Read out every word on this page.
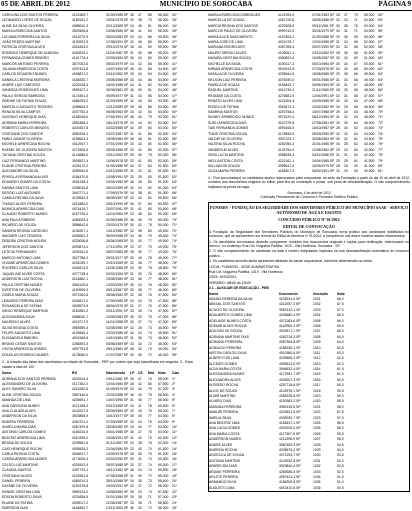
05 DE ABRIL DE 2012	MUNICÍPIO DE SOROCABA	PÁGINA 9
CAROLINA DOS SANTOS PEREIRA	4121565-7	31/05/1985 SP 36	47	85	56,000	32º
LEONARDO LOPES DE SOUZA	4189181-2	19/01/1978 SP 30	38	75	56,000	33º
ALINE DA SILVA OLIVEIRA	4085611-3	02/12/1989 SP 34	45	81	56,000	34º
MARIA APARECIDA SANTOS	3929456-8	24/06/1980 SP 36	41	84	56,000	35º
LUCIANA FERREIRA DA SILVA	4211073-9	05/03/1983 SP 33	44	86	55,500	36º
JOÃO PEDRO MARTINS	4130922-5	17/08/1991 SP 32	46	85	55,500	37º
PATRICIA CRISTINA ALVES	4021843-0	29/10/1976 SP 36	40	80	55,500	38º
RODRIGO HENRIQUE DE ALMEIDA	4263519-1	11/04/1987 SP 31	45	88	55,000	39º
FERNANDA GOMES RIBEIRO	4101776-4	22/09/1984 SP 36	43	80	55,000	40º
MARCOS ANTONIO PEREIRA	3877002-6	08/02/1979 SP 34	42	85	55,000	41º
JULIANA APARECIDA COSTA	4297413-8	14/07/1990 SP 35	40	86	54,500	42º
CARLOS EDUARDO NUNES	4008871-2	03/11/1982 SP 33	43	84	54,500	43º
DANIELA CRISTINA MOREIRA	4156330-7	25/05/1986 SP 30	44	86	54,500	44º
ANDRE LUIZ CARDOSO	4222918-3	16/01/1988 SP 34	41	82	54,000	45º
VANESSA RODRIGUES LIMA	3999107-1	30/06/1981 SP 36	39	81	54,000	46º
PAULO SERGIO BARBOSA	4174451-5	09/09/1977 SP 31	43	85	54,000	47º
SIMONE DE FATIMA SOUZA	4066293-0	21/03/1985 SP 32	45	80	53,500	48º
MARCELO AUGUSTO TEIXEIRA	4289604-9	12/12/1989 SP 35	38	86	53,500	49º
RENATA SILVA CAMPOS	4037752-4	06/08/1983 SP 33	42	83	53,500	50º
GUSTAVO HENRIQUE DIAS	4118045-6	27/04/1991 SP 36	40	79	53,000	51º
ADRIANA MARIA FERREIRA	3951866-2	18/10/1975 SP 32	44	82	53,000	52º
ROBERTO CARLOS MENDES	4240337-8	02/02/1980 SP 34	39	84	53,000	53º
CRISTIANE DOS SANTOS	4080196-1	23/07/1987 SP 31	41	86	52,500	54º
FABIO JUNIOR OLIVEIRA	4195524-3	15/05/1984 SP 36	38	81	52,500	55º
MICHELE APARECIDA ROCHA	4012947-7	07/01/1990 SP 33	43	80	52,500	56º
RAFAEL DE OLIVEIRA SANTOS	4273306-5	28/09/1986 SP 30	42	85	52,000	57º
TATIANA CRISTINA SOUZA	4143688-0	19/11/1982 SP 35	40	79	52,000	58º
LUIZ FERNANDO MARTINS	3905521-4	10/06/1978 SP 32	41	83	52,000	59º
ELAINE CRISTINA PEREIRA	4228179-2	01/03/1988 SP 34	37	84	51,500	60º
ALEXANDRE DA SILVA	4059944-6	24/12/1985 SP 31	42	81	51,500	61º
PRISCILA FERNANDA ALVES	4184470-9	13/08/1991 SP 33	39	83	51,500	62º
EDUARDO GOMES DA COSTA	4001238-3	04/04/1983 SP 36	36	80	51,000	63º
KARINA SANTOS LIMA	4255015-8	26/02/1989 SP 30	43	82	51,000	64º
SERGIO LUIZ ANTUNES	3942771-1	17/09/1976 SP 34	38	81	51,000	65º
CAMILA REGINA DA SILVA	4109532-5	08/05/1987 SP 32	40	82	50,500	66º
THIAGO ALVES PEREIRA	4211884-0	29/10/1990 SP 35	37	80	50,500	67º
MONICA APARECIDA DIAS	4074419-7	20/07/1981 SP 31	41	80	50,500	68º
CLAUDIO ROBERTO NUNES	4167706-2	11/01/1984 SP 33	38	82	50,000	69º
ANA PAULA RIBEIRO	4280093-4	02/06/1986 SP 36	35	79	50,000	70º
RICARDO DE SOUZA	3988642-6	23/03/1979 SP 30	42	78	50,000	71º
SANDRA REGINA CARDOSO	4136257-1	14/12/1982 SP 32	39	80	49,500	72º
WAGNER LUIS TEIXEIRA	4048391-3	05/09/1988 SP 34	36	79	49,500	73º
DEBORA CRISTINA MOURA	4233006-8	26/04/1985 SP 31	40	77	49,500	74º
JEFERSON DOS SANTOS	4093874-0	17/11/1991 SP 33	37	79	49,000	75º
LETICIA FERNANDES	4205161-5	08/07/1983 SP 35	35	77	49,000	76º
MARCIO ANTONIO LIMA	3927788-2	29/01/1977 SP 30	40	78	49,000	77º
VIVIANE APARECIDA GOMES	4151049-7	20/10/1989 SP 32	38	77	48,500	78º
ROGERIO CARLOS SILVA	4026413-9	11/05/1986 SP 34	35	78	48,500	79º
JAQUELINE ALVES COSTA	4277738-4	02/02/1984 SP 31	39	76	48,500	80º
ANDERSON LUIZ ROCHA	4114682-1	23/08/1980 SP 33	36	77	48,000	81º
PAULA CRISTINA NUNES	4061125-6	14/03/1990 SP 35	34	76	48,000	82º
EVERTON DE OLIVEIRA	4190906-3	05/12/1987 SP 30	38	77	48,000	83º
GISELE MARIA SOUZA	3972260-8	26/06/1982 SP 32	36	76	47,500	84º
LEANDRO PEREIRA DIAS	4244617-0	17/09/1985 SP 34	34	75	47,500	85º
ROSANGELA DE FATIMA	4005573-5	08/04/1978 SP 31	37	76	47,500	86º
DIEGO HENRIQUE MARTINS	4163392-2	29/11/1991 SP 33	35	74	47,000	87º
ALESSANDRA SILVA	4088040-7	20/05/1983 SP 35	33	75	47,000	88º
MAURICIO ALVES	4219717-9	11/01/1988 SP 30	37	74	47,000	89º
SILVIA REGINA COSTA	3959399-4	02/08/1980 SP 32	35	73	46,500	90º
FELIPE AUGUSTO LIMA	4129845-1	23/02/1986 SP 34	33	74	46,500	91º
ELISANGELA RIBEIRO	4042166-6	14/10/1984 SP 31	36	73	46,500	92º
BRUNO CESAR SANTOS	4268391-3	05/06/1989 SP 33	34	72	46,000	93º
CINTIA APARECIDA GOMES	4097753-8	26/12/1981 SP 35	32	73	46,000	94º
DOUGLAS RODRIGO NUNES	4178060-0	17/07/1987 SP 30	36	72	46,000	95º
2 - A relação das listas dos candidatos na cidade de Sorocaba - PRP por ordem que seja classificada em seguida. 3 - Essa cidade a lista de 100
Nome	RG	Nascimento	LP	CE	Mat	Nota	Clas
ADRIANA DOS SANTOS PEREIRA	4032914-4	19/11/1981 SP 30	47	76	68,000	1º
ALESSANDRO DE OLIVEIRA	4117352-0	10/04/1984 SP 35	42	80	67,500	2º
ALEX SANDRO SILVA	4211083-5	01/09/1979 SP 33	44	79	67,000	3º
ALINE CRISTINA SOUZA	3987440-6	22/02/1988 SP 36	40	78	66,500	4º
AMANDA DE LIMA	4205691-7	13/07/1990 SP 31	45	77	66,000	5º
ANA CAROLINA NUNES	4071268-2	04/12/1985 SP 34	41	78	65,500	6º
ANA CLAUDIA ALVES	4142917-3	25/05/1983 SP 32	43	76	65,000	7º
ANDERSON DA SILVA	3923855-9	16/10/1977 SP 35	39	77	64,500	8º
ANDREA FERREIRA	4262701-1	07/03/1989 SP 30	44	75	64,000	9º
ANGELA MARIA DIAS	4057409-8	28/08/1982 SP 33	40	77	63,500	10º
ANTONIO CARLOS GOMES	4186224-5	19/01/1986 SP 36	37	76	63,000	11º
BEATRIZ APARECIDA LIMA	4010395-0	10/06/1991 SP 31	42	75	62,500	12º
BRUNA DE SOUZA	4239581-6	01/11/1987 SP 34	38	76	62,000	13º
CAIO HENRIQUE ROCHA	4095528-2	22/04/1984 SP 32	40	74	61,500	14º
CARLA REGINA COSTA	3946617-7	13/09/1978 SP 35	36	75	61,000	15º
CASSIA APARECIDA NUNES	4173006-4	04/02/1990 SP 30	41	73	60,500	16º
CELSO LUIZ MARTINS	4028192-9	25/07/1985 SP 33	37	74	60,000	17º
CLAUDIA SANTOS	4257733-1	16/12/1982 SP 36	34	74	59,500	18º
CRISTIANO ALVES	4102961-6	07/05/1988 SP 31	39	72	59,000	19º
DANIEL PEREIRA	4065210-3	28/10/1986 SP 34	35	73	58,500	20º
DAYANE DE OLIVEIRA	4190378-8	19/03/1991 SP 32	37	72	58,000	21º
DENISE CRISTINA LIMA	3969124-0	10/08/1980 SP 35	33	73	57,500	22º
EDSON ROBERTO SILVA	4224836-5	01/01/1984 SP 30	38	71	57,000	23º
ELIANE DE FATIMA	4039017-2	22/06/1987 SP 33	35	71	56,500	24º
EMERSON DIAS	4168452-7	13/11/1983 SP 36	32	72	56,000	25º
MARIA APARECIDA DOMINGUES	4141394-0	27/01/1983 SP 28	37	70	55,000	52º
MARCELLA DE SOUZA	4067115-8	18/06/1986 SP 32	33	71	54,500	53º
MARCIA REGINA DOS SANTOS	4229308-5	09/11/1981 SP 30	35	70	54,000	54º
MARCOS PAULO DE OLIVEIRA	3999742-9	30/04/1979 SP 34	31	71	53,500	55º
MARIA ALICE NASCIMENTO	4157606-2	21/09/1988 SP 29	36	69	53,000	56º
MARIA JOSE DE LIMA	4021078-7	12/02/1985 SP 31	34	69	52,500	57º
MARIANA RODRIGUES	4287395-4	03/07/1990 SP 33	32	68	52,000	58º
MAURO SERGIO ALVES	4109061-1	24/12/1982 SP 28	36	68	51,500	59º
MAYARA CRISTINA SOUZA	4050822-6	15/05/1987 SP 32	32	69	51,000	60º
MICHELLE DA SILVA	4190117-3	06/10/1984 SP 30	34	67	50,500	61º
MIRIAM APARECIDA COSTA	3942513-8	27/03/1978 SP 34	30	68	50,000	62º
NATALIA DE OLIVEIRA	4235944-5	18/08/1989 SP 29	35	66	49,500	63º
NELSON LUIZ PEREIRA	4078190-0	09/01/1986 SP 31	33	66	49,000	64º
PAMELA DE SOUZA	4164843-7	30/06/1983 SP 33	31	67	48,500	65º
RAQUEL MARTINS	4014736-2	21/11/1980 SP 28	35	65	48,000	66º
REGIANE DA COSTA	4276581-9	12/04/1991 SP 32	31	66	47,500	67º
RENATO ALVES LIMA	4121904-4	03/09/1985 SP 30	33	64	47,000	68º
ROSELI DE FATIMA	4063472-1	24/02/1982 SP 34	29	65	46,500	69º
SABRINA SANTOS	4203758-6	15/07/1988 SP 29	34	63	46,000	70º
SIDNEY APARECIDO NUNES	3975120-3	06/12/1984 SP 31	32	63	45,500	71º
SUELI APARECIDA DIAS	4247379-8	27/05/1981 SP 33	30	64	45,000	72º
TAIS FERNANDA GOMES	4093106-5	18/10/1987 SP 28	34	62	44,500	73º
THAIS CRISTINA SOUZA	4178849-0	09/03/1990 SP 32	30	63	44,000	74º
VALDIR DE OLIVEIRA	4007223-7	30/08/1983 SP 30	32	61	43,500	75º
VALERIA SILVA ROCHA	4262050-2	21/01/1986 SP 34	28	62	43,000	76º
VANDERLEI ALVES	4132784-9	12/06/1982 SP 29	33	60	42,500	77º
VERA LUCIA MARTINS	4055635-4	03/11/1988 SP 31	31	60	42,000	78º
WELLINGTON COSTA	4221161-1	24/04/1985 SP 33	29	61	41,500	79º
WILLIAN DE SOUZA	3996517-6	15/09/1979 SP 28	33	59	41,000	80º
ZILDA MARIA PEREIRA	4185307-3	06/02/1991 SP 32	29	60	40,500	81º
4 - Fica convocada(o) os candidatos abaixo relacionados para comparecer na sede da Fundação a partir do dia 10 de abril de 2012, munidos dos documentos exigidos no edital, para fins de nomeação e posse, sob pena de desclassificação. O não comparecimento implicará na perda da vaga.
Sorocaba, 4 de abril de 2012
Comissão Permanente de Concurso e Processo Seletivo Público
FUNSERV - FUNDAÇÃO DA SEGURIDADE DOS SERVIDORES PÚBLICO DO MUNICÍPIO SAAE - SERVIÇO AUTÔNOMO DE ÁGUA E ESGOTO
CONCURSO PÚBLICO Nº 01/2012
EDITAL DE CONVOCAÇÃO
A Fundação da Seguridade dos Servidores Públicos do Município de Sorocaba, torna público aos candidatos habilitados no concurso, que se apresentem nos termos do Edital de Abertura nº 01/2012, a comparecer nos dias e horários abaixo relacionados.
1. Os candidatos convocados deverão comparecer munidos dos documentos originais e cópias para verificação, relacionados no Anexo I, no endereço Rua Cel. Nogueira Padilha, 1019 - Vila Hortência, Sorocaba - SP.
2. O não comparecimento do candidato na data e horário estipulados implicará na sua desclassificação automática do concurso público.
3. Os candidatos deverão ainda apresentar atestado de saúde ocupacional, conforme determinado no edital.
LOCAL: FUNSERV - SEDE ADMINISTRATIVA
Rua Cel. Nogueira Padilha, 1019 - Vila Hortência
DATA: 10/04/2012
HORÁRIO: 08h00 às 12h00
2.1 - AUXILIAR DE EDUCAÇÃO - PEB
Nome	Documento	Inscrição	Nota
ABADIA PEREIRA DA SILVA	4102914-0 SP	1001	68,0
ABIGAIL DOS SANTOS	4211057-3 SP	1002	67,5
ACACIO DE OLIVEIRA	3987442-1 SP	1003	67,0
ADALBERTO GOMES LIMA	4205680-4 SP	1004	66,5
ADELAIDE NUNES COSTA	4071283-6 SP	1005	66,0
ADEMIR ALVES ROCHA	4142900-2 SP	1006	65,5
ADILSON DE SOUZA	3923871-7 SP	1007	65,0
ADRIANA MARTINS DIAS	4262716-3 SP	1008	64,5
ADRIANO FERREIRA	4057394-8 SP	1009	64,0
AGNALDO PEREIRA	4186239-1 SP	1010	63,5
AIRTON CARLOS SILVA	4010380-5 SP	1011	63,0
ALBERTO DE LIMA	4239596-2 SP	1012	62,5
ALCIDES GOMES	4095513-9 SP	1013	62,0
ALDA MARIA COSTA	3946632-4 SP	1014	61,5
ALESSANDRA NUNES	4172991-7 SP	1015	61,0
ALEXANDRA ALVES	4028207-3 SP	1016	60,5
ALFREDO ROCHA	4257718-6 SP	1017	60,0
ALICE DE SOUZA	4102976-1 SP	1018	59,5
ALMIR MARTINS	4065225-8 SP	1019	59,0
ALVARO DIAS	4190363-2 SP	1020	58,5
AMANDA FERREIRA	3969139-5 SP	1021	58,0
AMAURI PEREIRA	4224821-9 SP	1022	57,5
AMELIA SILVA	4039032-7 SP	1023	57,0
ANA BEATRIZ LIMA	4168437-1 SP	1024	56,5
ANA LUCIA GOMES	4032929-0 SP	1025	56,0
ANA MARIA COSTA	4117367-5 SP	1026	55,5
ANDERSON NUNES	4211098-9 SP	1027	55,0
ANDRE ALVES	3987455-3 SP	1028	54,5
ANDREIA ROCHA	4205676-2 SP	1029	54,0
ANGELICA DE SOUZA	4071253-7 SP	1030	53,5
ANTONIA MARTINS	4142932-8 SP	1031	53,0
APARECIDA DIAS	3923840-4 SP	1032	52,5
ARIANE FERREIRA	4262686-5 SP	1033	52,0
ARLETE PEREIRA	4057424-1 SP	1034	51,5
ARMANDO SILVA	4186209-8 SP	1035	51,0
AUGUSTO LIMA	4010410-6 SP	1036	50,5
